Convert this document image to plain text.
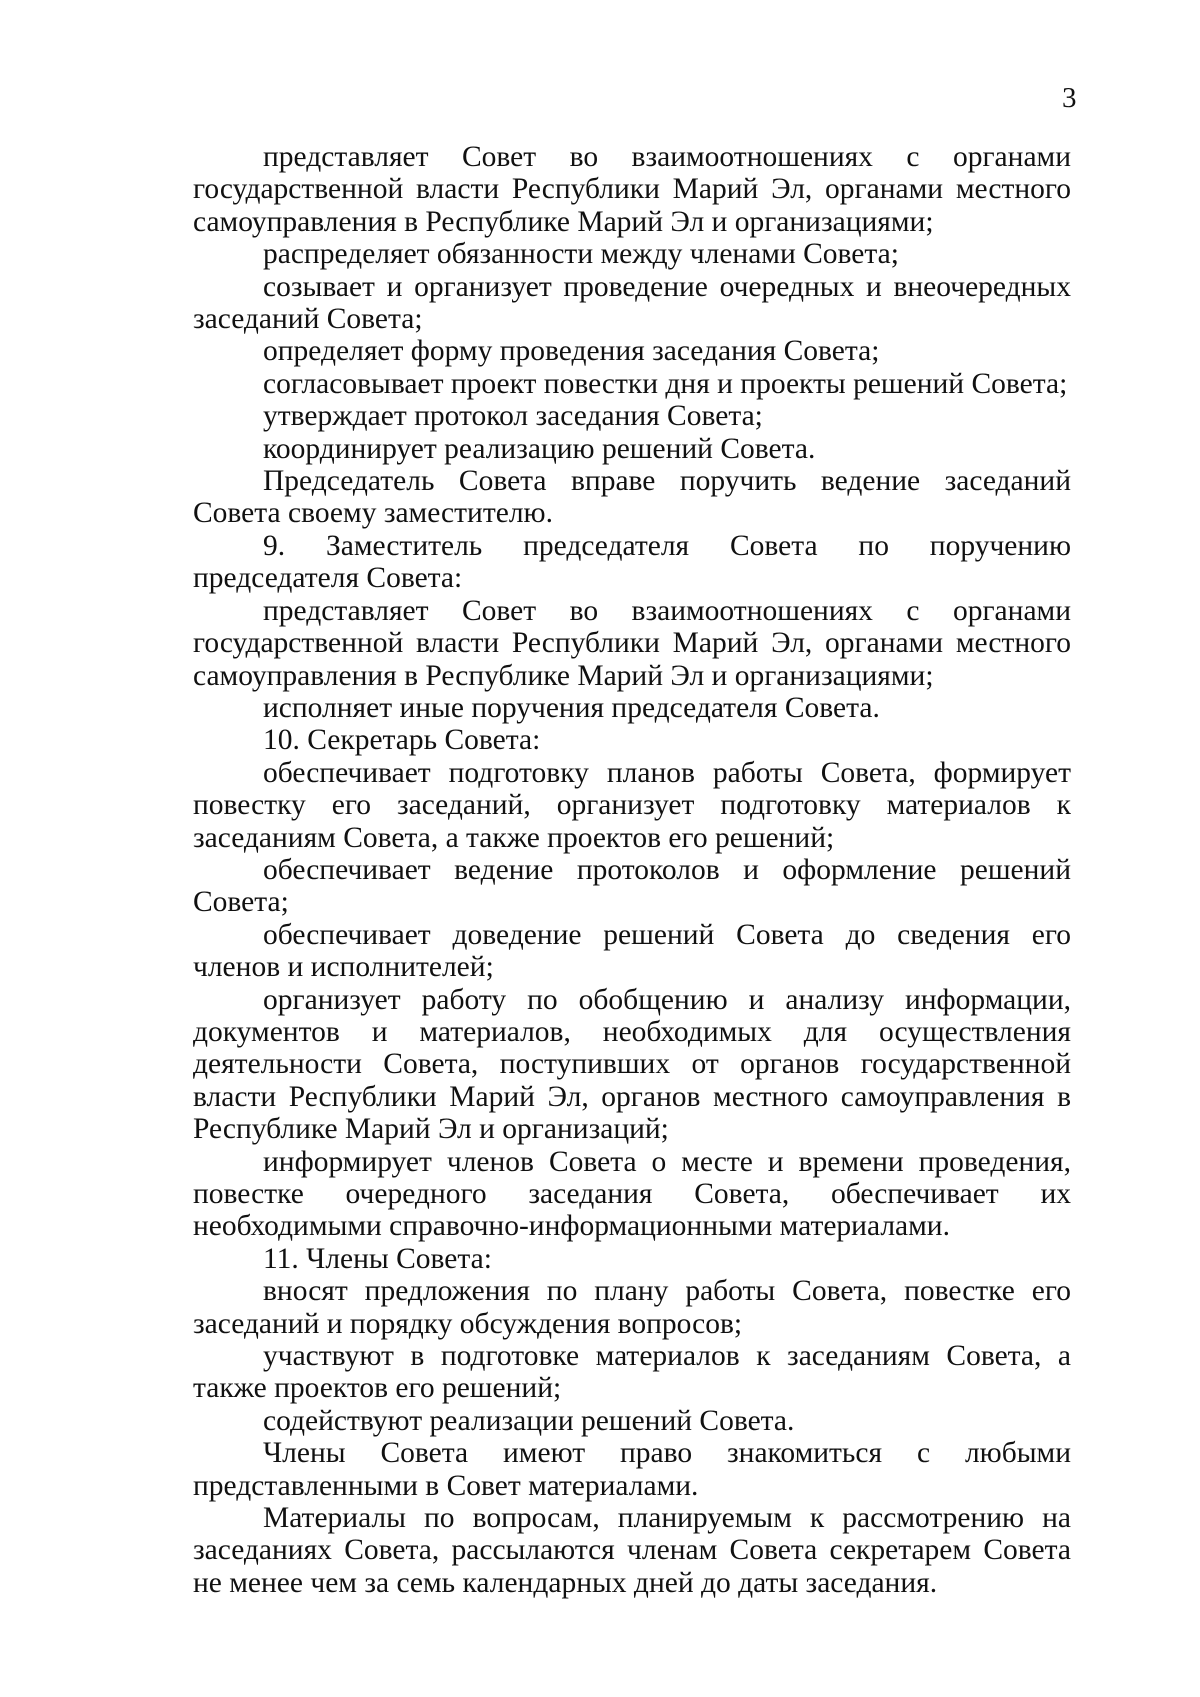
3

представляет Совет во взаимоотношениях с органами государственной власти Республики Марий Эл, органами местного самоуправления в Республике Марий Эл и организациями;

распределяет обязанности между членами Совета;

созывает и организует проведение очередных и внеочередных заседаний Совета;

определяет форму проведения заседания Совета;

согласовывает проект повестки дня и проекты решений Совета;

утверждает протокол заседания Совета;

координирует реализацию решений Совета.

Председатель Совета вправе поручить ведение заседаний Совета своему заместителю.

9. Заместитель председателя Совета по поручению председателя Совета:

представляет Совет во взаимоотношениях с органами государственной власти Республики Марий Эл, органами местного самоуправления в Республике Марий Эл и организациями;

исполняет иные поручения председателя Совета.

10. Секретарь Совета:

обеспечивает подготовку планов работы Совета, формирует повестку его заседаний, организует подготовку материалов к заседаниям Совета, а также проектов его решений;

обеспечивает ведение протоколов и оформление решений Совета;

обеспечивает доведение решений Совета до сведения его членов и исполнителей;

организует работу по обобщению и анализу информации, документов и материалов, необходимых для осуществления деятельности Совета, поступивших от органов государственной власти Республики Марий Эл, органов местного самоуправления в Республике Марий Эл и организаций;

информирует членов Совета о месте и времени проведения, повестке очередного заседания Совета, обеспечивает их необходимыми справочно-информационными материалами.

11. Члены Совета:

вносят предложения по плану работы Совета, повестке его заседаний и порядку обсуждения вопросов;

участвуют в подготовке материалов к заседаниям Совета, а также проектов его решений;

содействуют реализации решений Совета.

Члены Совета имеют право знакомиться с любыми представленными в Совет материалами.

Материалы по вопросам, планируемым к рассмотрению на заседаниях Совета, рассылаются членам Совета секретарем Совета не менее чем за семь календарных дней до даты заседания.
